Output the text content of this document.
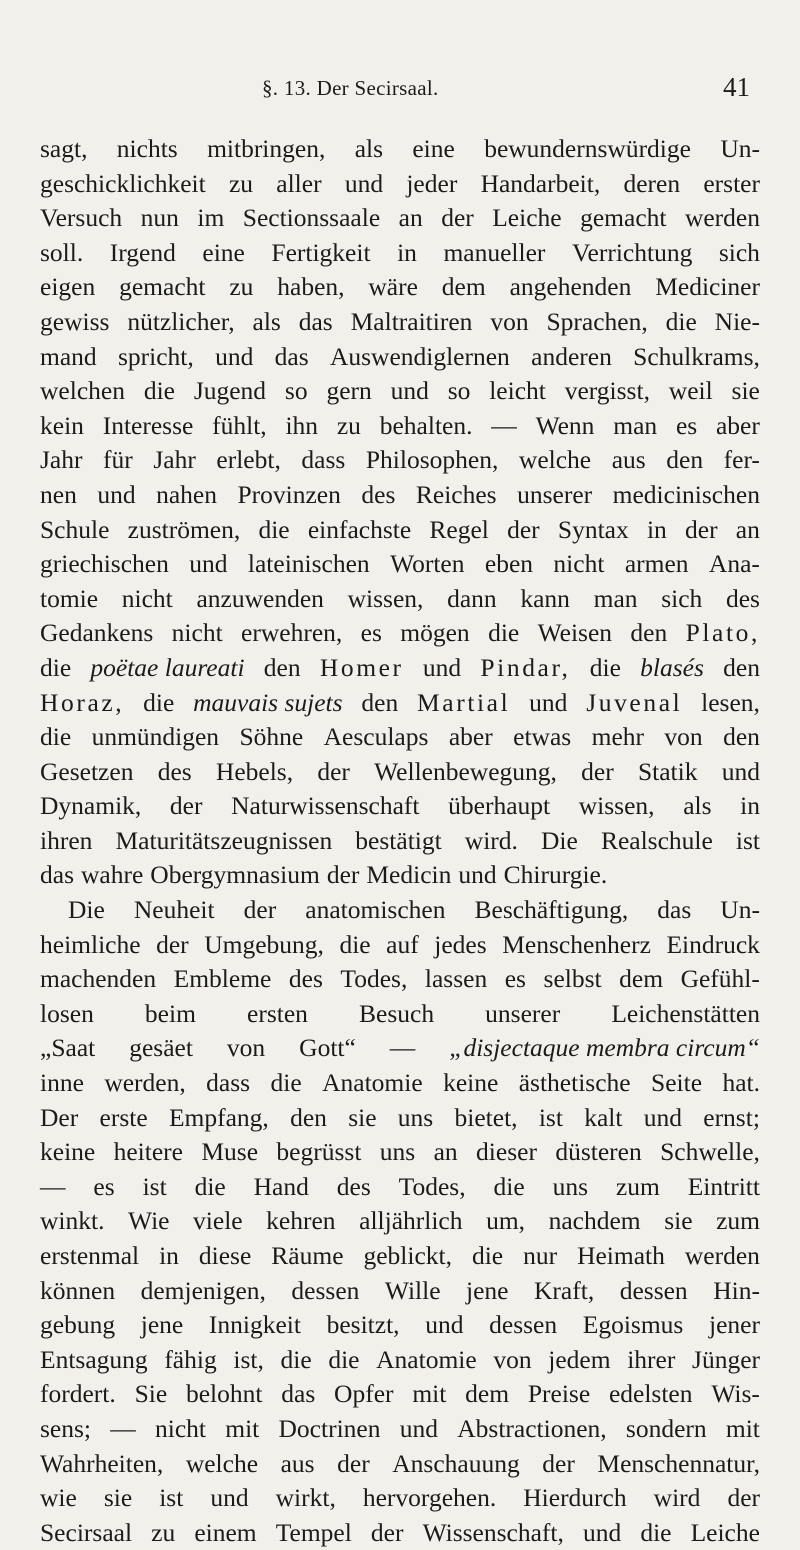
§. 13. Der Secirsaal.	41
sagt, nichts mitbringen, als eine bewundernswürdige Un-
geschicklichkeit zu aller und jeder Handarbeit, deren erster
Versuch nun im Sectionssaale an der Leiche gemacht werden
soll. Irgend eine Fertigkeit in manueller Verrichtung sich
eigen gemacht zu haben, wäre dem angehenden Mediciner
gewiss nützlicher, als das Maltraitiren von Sprachen, die Nie-
mand spricht, und das Auswendiglernen anderen Schulkrams,
welchen die Jugend so gern und so leicht vergisst, weil sie
kein Interesse fühlt, ihn zu behalten. — Wenn man es aber
Jahr für Jahr erlebt, dass Philosophen, welche aus den fer-
nen und nahen Provinzen des Reiches unserer medicinischen
Schule zuströmen, die einfachste Regel der Syntax in der an
griechischen und lateinischen Worten eben nicht armen Ana-
tomie nicht anzuwenden wissen, dann kann man sich des
Gedankens nicht erwehren, es mögen die Weisen den Plato,
die poëtae laureati den Homer und Pindar, die blasés den
Horaz, die mauvais sujets den Martial und Juvenal lesen,
die unmündigen Söhne Aesculaps aber etwas mehr von den
Gesetzen des Hebels, der Wellenbewegung, der Statik und
Dynamik, der Naturwissenschaft überhaupt wissen, als in
ihren Maturitätszeugnissen bestätigt wird. Die Realschule ist
das wahre Obergymnasium der Medicin und Chirurgie.
Die Neuheit der anatomischen Beschäftigung, das Un-
heimliche der Umgebung, die auf jedes Menschenherz Eindruck
machenden Embleme des Todes, lassen es selbst dem Gefühl-
losen beim ersten Besuch unserer Leichenstätten
„Saat gesäet von Gott“ — „disjectaque membra circum“
inne werden, dass die Anatomie keine ästhetische Seite hat.
Der erste Empfang, den sie uns bietet, ist kalt und ernst;
keine heitere Muse begrüsst uns an dieser düsteren Schwelle,
— es ist die Hand des Todes, die uns zum Eintritt
winkt. Wie viele kehren alljährlich um, nachdem sie zum
erstenmal in diese Räume geblickt, die nur Heimath werden
können demjenigen, dessen Wille jene Kraft, dessen Hin-
gebung jene Innigkeit besitzt, und dessen Egoismus jener
Entsagung fähig ist, die die Anatomie von jedem ihrer Jünger
fordert. Sie belohnt das Opfer mit dem Preise edelsten Wis-
sens; — nicht mit Doctrinen und Abstractionen, sondern mit
Wahrheiten, welche aus der Anschauung der Menschennatur,
wie sie ist und wirkt, hervorgehen. Hierdurch wird der
Secirsaal zu einem Tempel der Wissenschaft, und die Leiche
